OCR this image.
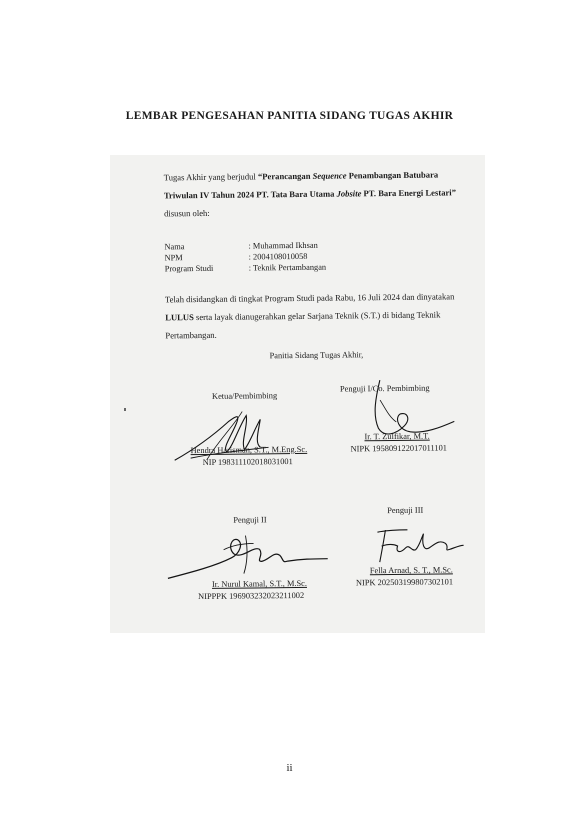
LEMBAR PENGESAHAN PANITIA SIDANG TUGAS AKHIR
Tugas Akhir yang berjudul “Perancangan Sequence Penambangan Batubara Triwulan IV Tahun 2024 PT. Tata Bara Utama Jobsite PT. Bara Energi Lestari” disusun oleh:
Nama	: Muhammad Ikhsan
NPM	: 2004108010058
Program Studi	: Teknik Pertambangan
Telah disidangkan di tingkat Program Studi pada Rabu, 16 Juli 2024 dan dinyatakan LULUS serta layak dianugerahkan gelar Sarjana Teknik (S.T.) di bidang Teknik Pertambangan.
Panitia Sidang Tugas Akhir,
Ketua/Pembimbing
Hendra Harisman, S.T., M.Eng.Sc.
NIP 198311102018031001
Penguji I/Co. Pembimbing
Ir. T. Zulfikar, M.T.
NIPK 195809122017011101
Penguji II
Ir. Nurul Kamal, S.T., M.Sc.
NIPPPK 196903232023211002
Penguji III
Fella Arnad, S. T., M.Sc.
NIPK 202503199807302101
ii
